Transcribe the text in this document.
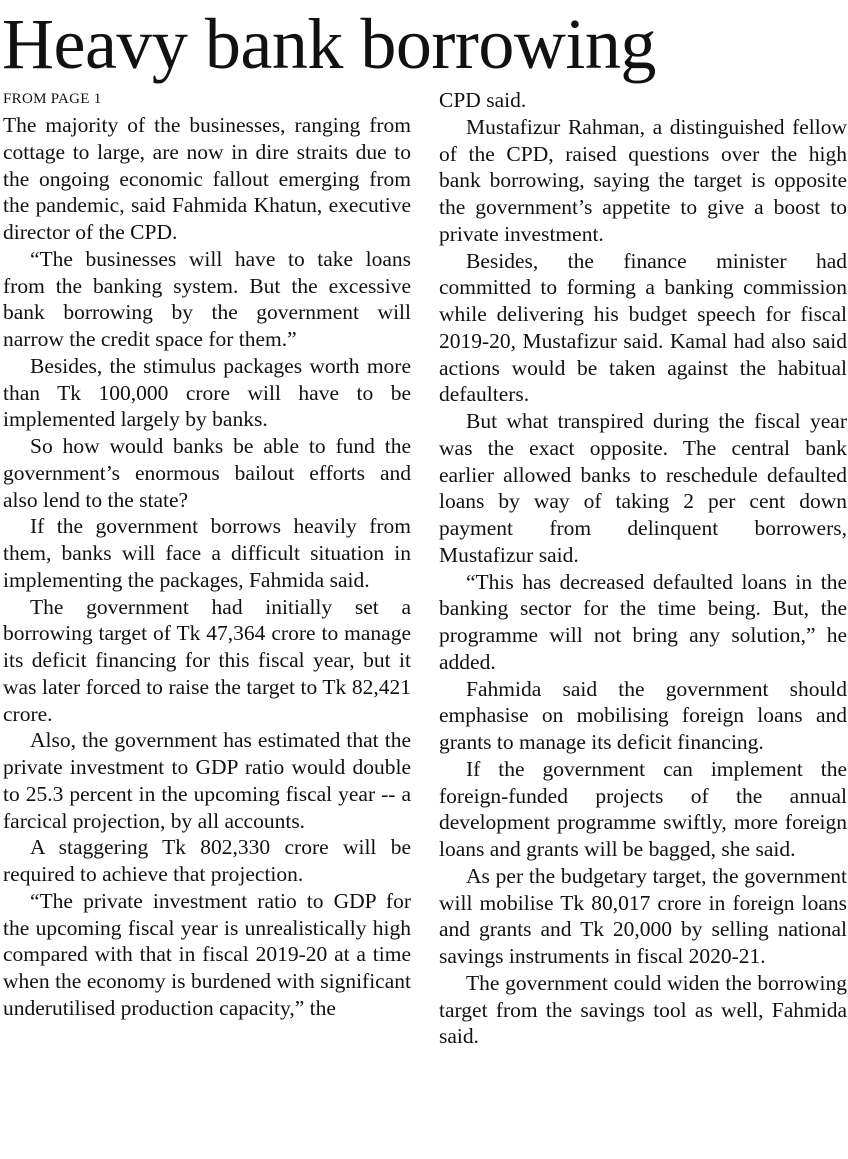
Heavy bank borrowing
FROM PAGE 1

The majority of the businesses, ranging from cottage to large, are now in dire straits due to the ongoing economic fallout emerging from the pandemic, said Fahmida Khatun, executive director of the CPD.

“The businesses will have to take loans from the banking system. But the excessive bank borrowing by the government will narrow the credit space for them.”

Besides, the stimulus packages worth more than Tk 100,000 crore will have to be implemented largely by banks.

So how would banks be able to fund the government’s enormous bailout efforts and also lend to the state?

If the government borrows heavily from them, banks will face a difficult situation in implementing the packages, Fahmida said.

The government had initially set a borrowing target of Tk 47,364 crore to manage its deficit financing for this fiscal year, but it was later forced to raise the target to Tk 82,421 crore.

Also, the government has estimated that the private investment to GDP ratio would double to 25.3 percent in the upcoming fiscal year -- a farcical projection, by all accounts.

A staggering Tk 802,330 crore will be required to achieve that projection.

“The private investment ratio to GDP for the upcoming fiscal year is unrealistically high compared with that in fiscal 2019-20 at a time when the economy is burdened with significant underutilised production capacity,” the

CPD said.

Mustafizur Rahman, a distinguished fellow of the CPD, raised questions over the high bank borrowing, saying the target is opposite the government’s appetite to give a boost to private investment.

Besides, the finance minister had committed to forming a banking commission while delivering his budget speech for fiscal 2019-20, Mustafizur said. Kamal had also said actions would be taken against the habitual defaulters.

But what transpired during the fiscal year was the exact opposite. The central bank earlier allowed banks to reschedule defaulted loans by way of taking 2 per cent down payment from delinquent borrowers, Mustafizur said.

“This has decreased defaulted loans in the banking sector for the time being. But, the programme will not bring any solution,” he added.

Fahmida said the government should emphasise on mobilising foreign loans and grants to manage its deficit financing.

If the government can implement the foreign-funded projects of the annual development programme swiftly, more foreign loans and grants will be bagged, she said.

As per the budgetary target, the government will mobilise Tk 80,017 crore in foreign loans and grants and Tk 20,000 by selling national savings instruments in fiscal 2020-21.

The government could widen the borrowing target from the savings tool as well, Fahmida said.
